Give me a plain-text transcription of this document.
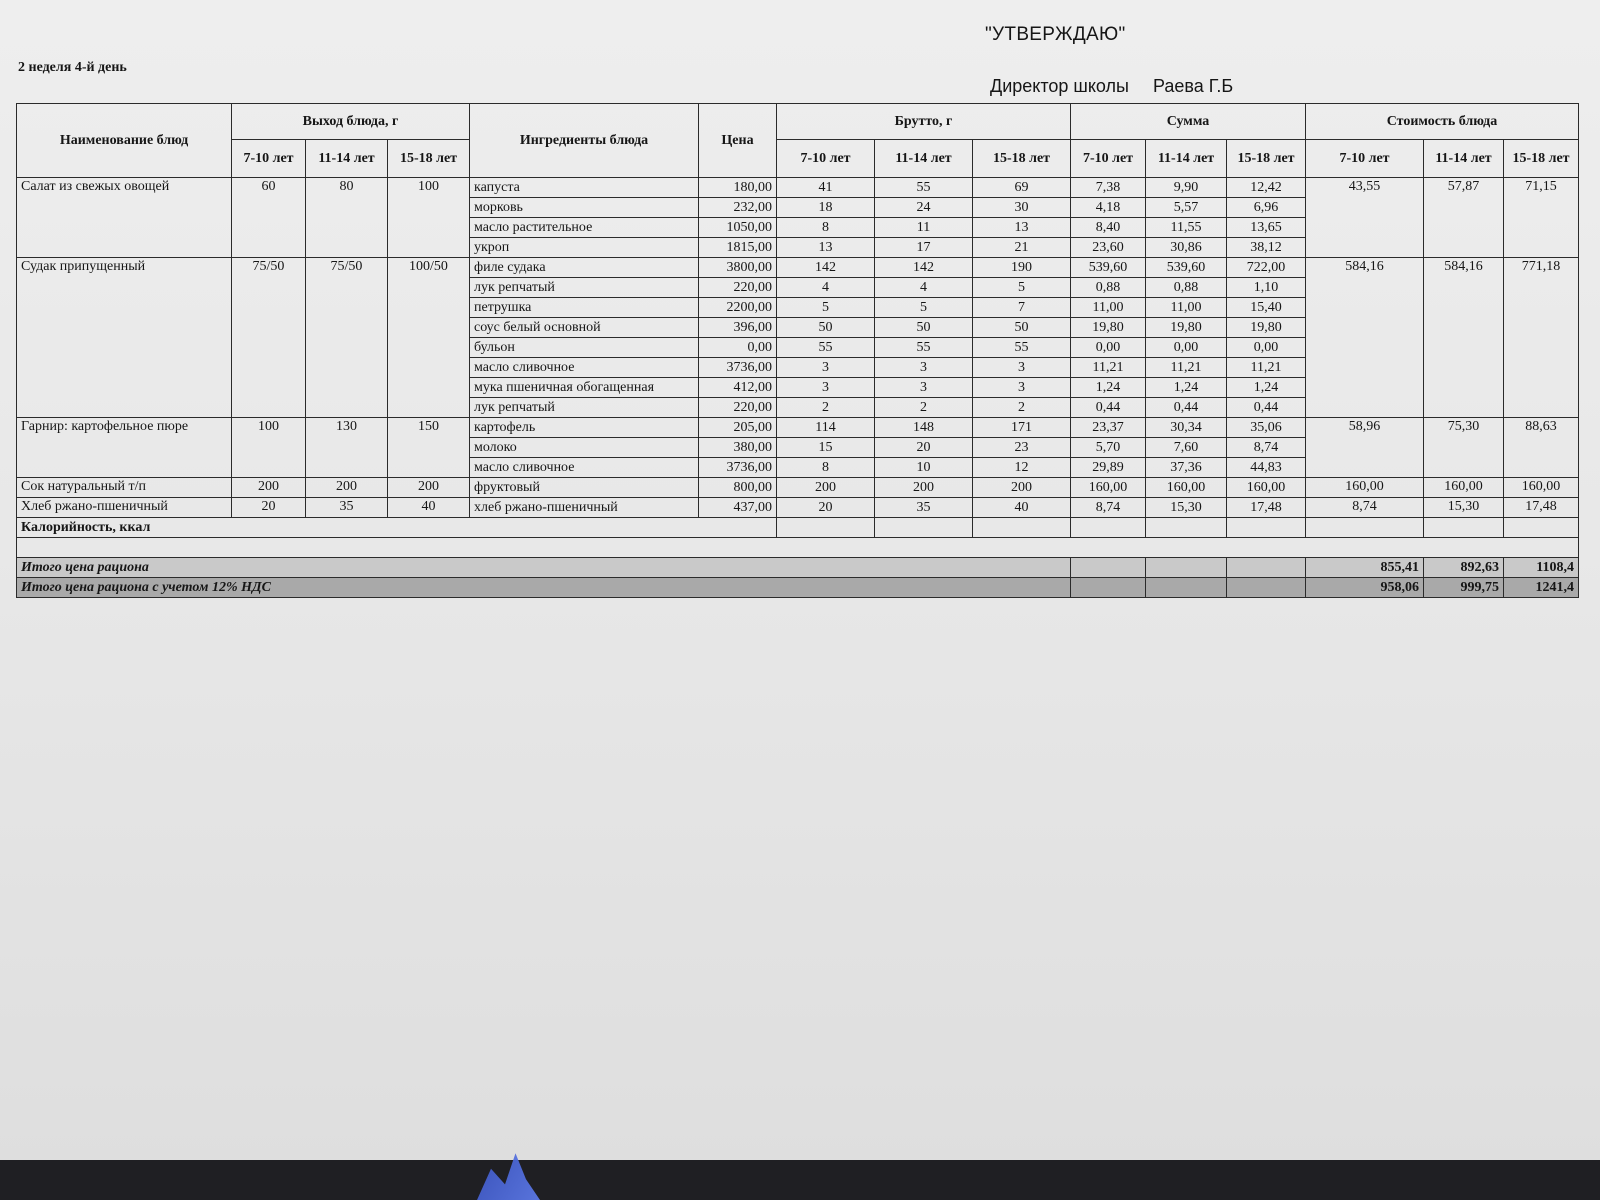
2 неделя 4-й день
"УТВЕРЖДАЮ"
Директор школы Раева Г.Б
Наименование блюд	Выход блюда, г			Ингредиенты блюда	Цена	Брутто, г			Сумма			Стоимость блюда		
	7-10 лет	11-14 лет	15-18 лет			7-10 лет	11-14 лет	15-18 лет	7-10 лет	11-14 лет	15-18 лет	7-10 лет	11-14 лет	15-18 лет
Салат из свежых овощей	60	80	100	капуста	180,00	41	55	69	7,38	9,90	12,42	43,55	57,87	71,15
				морковь	232,00	18	24	30	4,18	5,57	6,96			
				масло растительное	1050,00	8	11	13	8,40	11,55	13,65			
				укроп	1815,00	13	17	21	23,60	30,86	38,12			
Судак припущенный	75/50	75/50	100/50	филе судака	3800,00	142	142	190	539,60	539,60	722,00	584,16	584,16	771,18
				лук репчатый	220,00	4	4	5	0,88	0,88	1,10			
				петрушка	2200,00	5	5	7	11,00	11,00	15,40			
				соус белый основной	396,00	50	50	50	19,80	19,80	19,80			
				бульон	0,00	55	55	55	0,00	0,00	0,00			
				масло сливочное	3736,00	3	3	3	11,21	11,21	11,21			
				мука пшеничная обогащенная	412,00	3	3	3	1,24	1,24	1,24			
				лук репчатый	220,00	2	2	2	0,44	0,44	0,44			
Гарнир: картофельное пюре	100	130	150	картофель	205,00	114	148	171	23,37	30,34	35,06	58,96	75,30	88,63
				молоко	380,00	15	20	23	5,70	7,60	8,74			
				масло сливочное	3736,00	8	10	12	29,89	37,36	44,83			
Сок натуральный т/п	200	200	200	фруктовый	800,00	200	200	200	160,00	160,00	160,00	160,00	160,00	160,00
Хлеб ржано-пшеничный	20	35	40	хлеб ржано-пшеничный	437,00	20	35	40	8,74	15,30	17,48	8,74	15,30	17,48
Калорийность, ккал														

Итого цена рациона												855,41	892,63	1108,4
Итого цена рациона с учетом 12% НДС												958,06	999,75	1241,4
